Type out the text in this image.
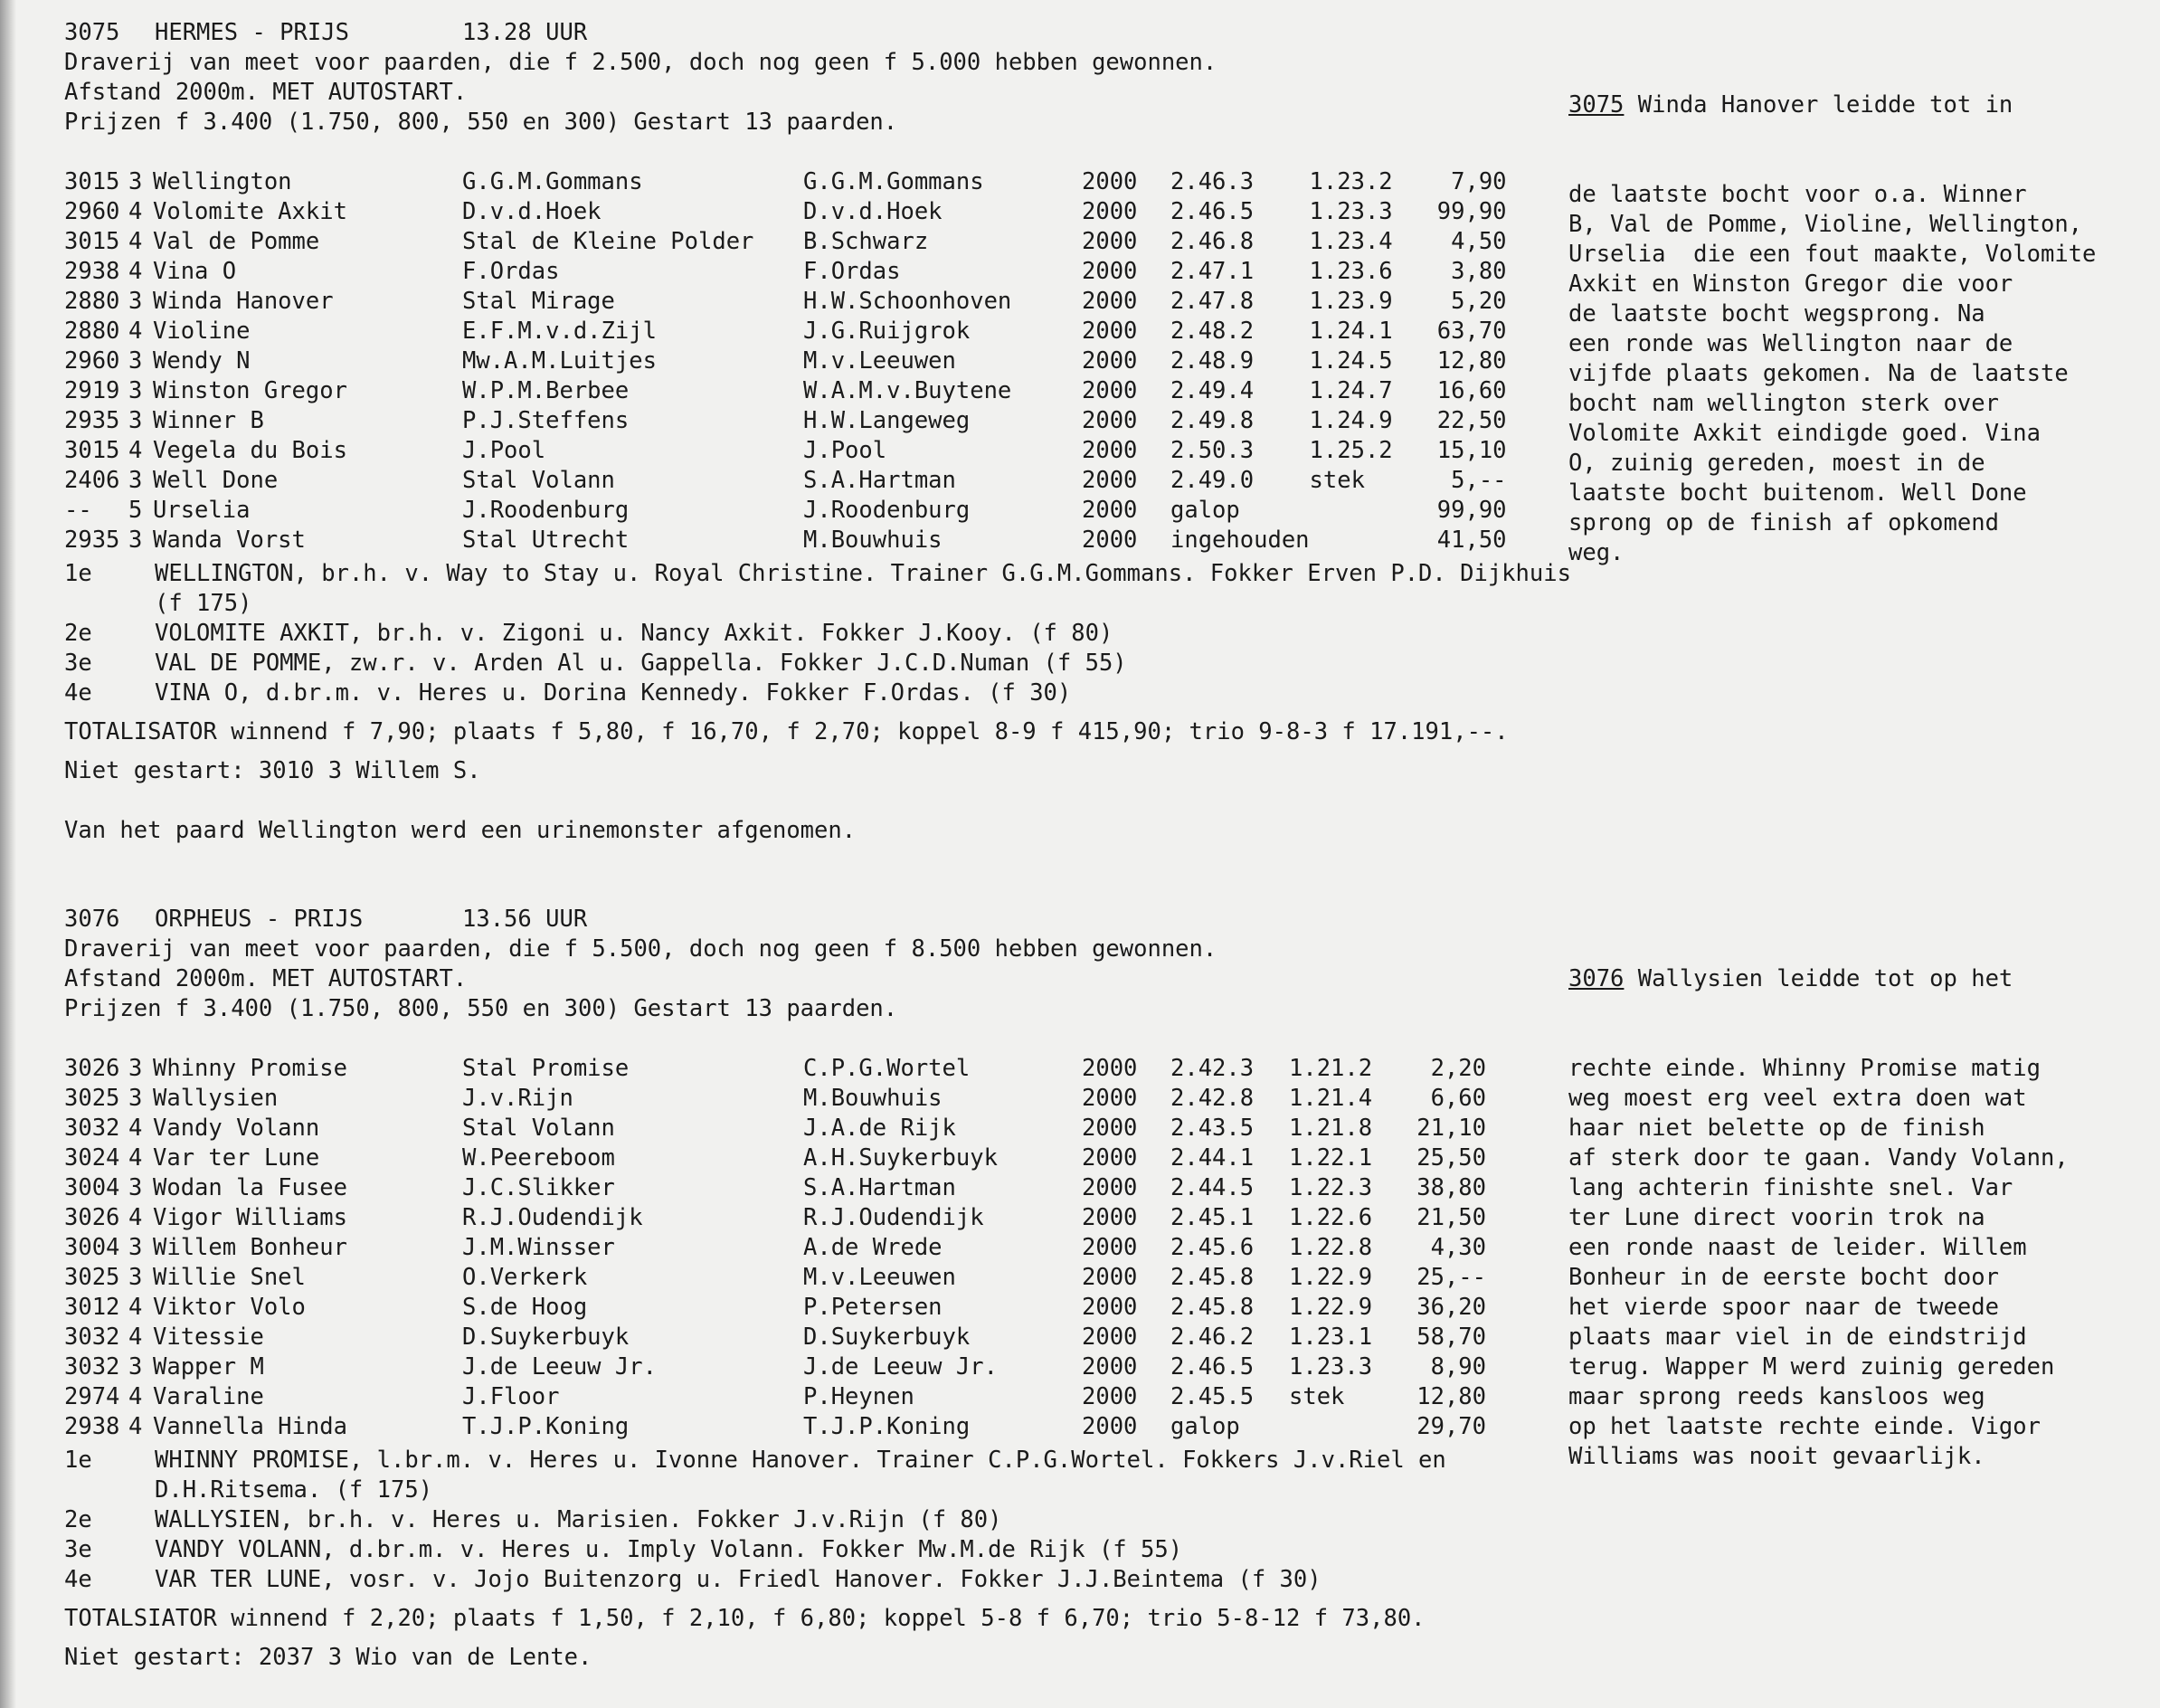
3075 HERMES - PRIJS	13.28 UUR
Draverij van meet voor paarden, die f 2.500, doch nog geen f 5.000 hebben gewonnen.
Afstand 2000m. MET AUTOSTART.
Prijzen f 3.400 (1.750, 800, 550 en 300) Gestart 13 paarden.
3015	3	Wellington	G.G.M.Gommans	G.G.M.Gommans	2000	2.46.3	1.23.2	7,90
2960	4	Volomite Axkit	D.v.d.Hoek	D.v.d.Hoek	2000	2.46.5	1.23.3	99,90
3015	4	Val de Pomme	Stal de Kleine Polder	B.Schwarz	2000	2.46.8	1.23.4	4,50
2938	4	Vina O	F.Ordas	F.Ordas	2000	2.47.1	1.23.6	3,80
2880	3	Winda Hanover	Stal Mirage	H.W.Schoonhoven	2000	2.47.8	1.23.9	5,20
2880	4	Violine	E.F.M.v.d.Zijl	J.G.Ruijgrok	2000	2.48.2	1.24.1	63,70
2960	3	Wendy N	Mw.A.M.Luitjes	M.v.Leeuwen	2000	2.48.9	1.24.5	12,80
2919	3	Winston Gregor	W.P.M.Berbee	W.A.M.v.Buytene	2000	2.49.4	1.24.7	16,60
2935	3	Winner B	P.J.Steffens	H.W.Langeweg	2000	2.49.8	1.24.9	22,50
3015	4	Vegela du Bois	J.Pool	J.Pool	2000	2.50.3	1.25.2	15,10
2406	3	Well Done	Stal Volann	S.A.Hartman	2000	2.49.0	stek	5,--
--	5	Urselia	J.Roodenburg	J.Roodenburg	2000	galop		99,90
2935	3	Wanda Vorst	Stal Utrecht	M.Bouwhuis	2000	ingehouden		41,50
1e	WELLINGTON, br.h. v. Way to Stay u. Royal Christine. Trainer G.G.M.Gommans. Fokker Erven P.D. Dijkhuis (f 175)
2e	VOLOMITE AXKIT, br.h. v. Zigoni u. Nancy Axkit. Fokker J.Kooy. (f 80)
3e	VAL DE POMME, zw.r. v. Arden Al u. Gappella. Fokker J.C.D.Numan (f 55)
4e	VINA O, d.br.m. v. Heres u. Dorina Kennedy. Fokker F.Ordas. (f 30)
TOTALISATOR winnend f 7,90; plaats f 5,80, f 16,70, f 2,70; koppel 8-9 f 415,90; trio 9-8-3 f 17.191,--.
Niet gestart: 3010 3 Willem S.
Van het paard Wellington werd een urinemonster afgenomen.

3075 Winda Hanover leidde tot in

de laatste bocht voor o.a. Winner
B, Val de Pomme, Violine, Wellington,
Urselia  die een fout maakte, Volomite
Axkit en Winston Gregor die voor
de laatste bocht wegsprong. Na
een ronde was Wellington naar de
vijfde plaats gekomen. Na de laatste
bocht nam wellington sterk over
Volomite Axkit eindigde goed. Vina
O, zuinig gereden, moest in de
laatste bocht buitenom. Well Done
sprong op de finish af opkomend
weg.

3076 ORPHEUS - PRIJS	13.56 UUR
Draverij van meet voor paarden, die f 5.500, doch nog geen f 8.500 hebben gewonnen.
Afstand 2000m. MET AUTOSTART.
Prijzen f 3.400 (1.750, 800, 550 en 300) Gestart 13 paarden.
3026	3	Whinny Promise	Stal Promise	C.P.G.Wortel	2000	2.42.3	1.21.2	2,20
3025	3	Wallysien	J.v.Rijn	M.Bouwhuis	2000	2.42.8	1.21.4	6,60
3032	4	Vandy Volann	Stal Volann	J.A.de Rijk	2000	2.43.5	1.21.8	21,10
3024	4	Var ter Lune	W.Peereboom	A.H.Suykerbuyk	2000	2.44.1	1.22.1	25,50
3004	3	Wodan la Fusee	J.C.Slikker	S.A.Hartman	2000	2.44.5	1.22.3	38,80
3026	4	Vigor Williams	R.J.Oudendijk	R.J.Oudendijk	2000	2.45.1	1.22.6	21,50
3004	3	Willem Bonheur	J.M.Winsser	A.de Wrede	2000	2.45.6	1.22.8	4,30
3025	3	Willie Snel	O.Verkerk	M.v.Leeuwen	2000	2.45.8	1.22.9	25,--
3012	4	Viktor Volo	S.de Hoog	P.Petersen	2000	2.45.8	1.22.9	36,20
3032	4	Vitessie	D.Suykerbuyk	D.Suykerbuyk	2000	2.46.2	1.23.1	58,70
3032	3	Wapper M	J.de Leeuw Jr.	J.de Leeuw Jr.	2000	2.46.5	1.23.3	8,90
2974	4	Varaline	J.Floor	P.Heynen	2000	2.45.5	stek	12,80
2938	4	Vannella Hinda	T.J.P.Koning	T.J.P.Koning	2000	galop		29,70
1e	WHINNY PROMISE, l.br.m. v. Heres u. Ivonne Hanover. Trainer C.P.G.Wortel. Fokkers J.v.Riel en D.H.Ritsema. (f 175)
2e	WALLYSIEN, br.h. v. Heres u. Marisien. Fokker J.v.Rijn (f 80)
3e	VANDY VOLANN, d.br.m. v. Heres u. Imply Volann. Fokker Mw.M.de Rijk (f 55)
4e	VAR TER LUNE, vosr. v. Jojo Buitenzorg u. Friedl Hanover. Fokker J.J.Beintema (f 30)
TOTALSIATOR winnend f 2,20; plaats f 1,50, f 2,10, f 6,80; koppel 5-8 f 6,70; trio 5-8-12 f 73,80.
Niet gestart: 2037 3 Wio van de Lente.

3076 Wallysien leidde tot op het

rechte einde. Whinny Promise matig
weg moest erg veel extra doen wat
haar niet belette op de finish
af sterk door te gaan. Vandy Volann,
lang achterin finishte snel. Var
ter Lune direct voorin trok na
een ronde naast de leider. Willem
Bonheur in de eerste bocht door
het vierde spoor naar de tweede
plaats maar viel in de eindstrijd
terug. Wapper M werd zuinig gereden
maar sprong reeds kansloos weg
op het laatste rechte einde. Vigor
Williams was nooit gevaarlijk.
